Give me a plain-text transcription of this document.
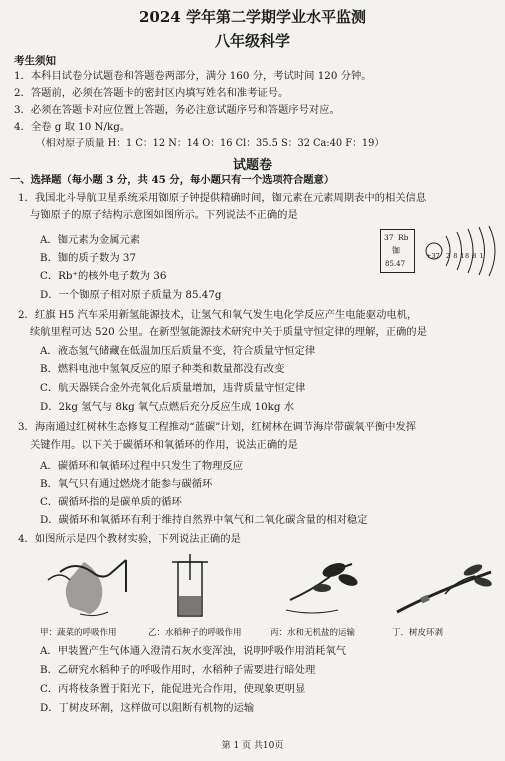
2024 学年第二学期学业水平监测
八年级科学
考生须知
1．本科目试卷分试题卷和答题卷两部分，满分 160 分，考试时间 120 分钟。
2．答题前，必须在答题卡的密封区内填写姓名和准考证号。
3．必须在答题卡对应位置上答题，务必注意试题序号和答题序号对应。
4．全卷 g 取 10 N/kg。
（相对原子质量 H：1 C：12 N：14 O：16 Cl：35.5 S：32 Ca:40 F：19）
试题卷
一、选择题（每小题 3 分，共 45 分，每小题只有一个选项符合题意）
1．我国北斗导航卫星系统采用铷原子钟提供精确时间，铷元素在元素周期表中的相关信息
与铷原子的原子结构示意图如图所示。下列说法不正确的是
A．铷元素为金属元素
B．铷的质子数为 37
C．Rb⁺的核外电子数为 36
D．一个铷原子相对原子质量为 85.47g
37 Rb
铷
85.47
+37 2 8 18 8 1
2．红旗 H5 汽车采用新氢能源技术，让氢气和氧气发生电化学反应产生电能驱动电机，
续航里程可达 520 公里。在新型氢能源技术研究中关于质量守恒定律的理解，正确的是
A．液态氢气储藏在低温加压后质量不变，符合质量守恒定律
B．燃料电池中氢氧反应的原子种类和数量都没有改变
C．航天器镁合金外壳氧化后质量增加，违背质量守恒定律
D．2kg 氢气与 8kg 氧气点燃后充分反应生成 10kg 水
3．海南通过红树林生态修复工程推动“蓝碳”计划，红树林在调节海岸带碳氧平衡中发挥
关键作用。以下关于碳循环和氧循环的作用，说法正确的是
A．碳循环和氧循环过程中只发生了物理反应
B．氧气只有通过燃烧才能参与碳循环
C．碳循环指的是碳单质的循环
D．碳循环和氧循环有利于维持自然界中氧气和二氧化碳含量的相对稳定
4．如图所示是四个教材实验，下列说法正确的是
甲：蔬菜的呼吸作用	乙：水稻种子的呼吸作用	丙：水和无机盐的运输	丁．树皮环剥
A．甲装置产生气体通入澄清石灰水变浑浊，说明呼吸作用消耗氧气
B．乙研究水稻种子的呼吸作用时，水稻种子需要进行暗处理
C．丙将枝条置于阳光下，能促进光合作用，使现象更明显
D．丁树皮环割，这样做可以阻断有机物的运输
第 1 页 共10页
